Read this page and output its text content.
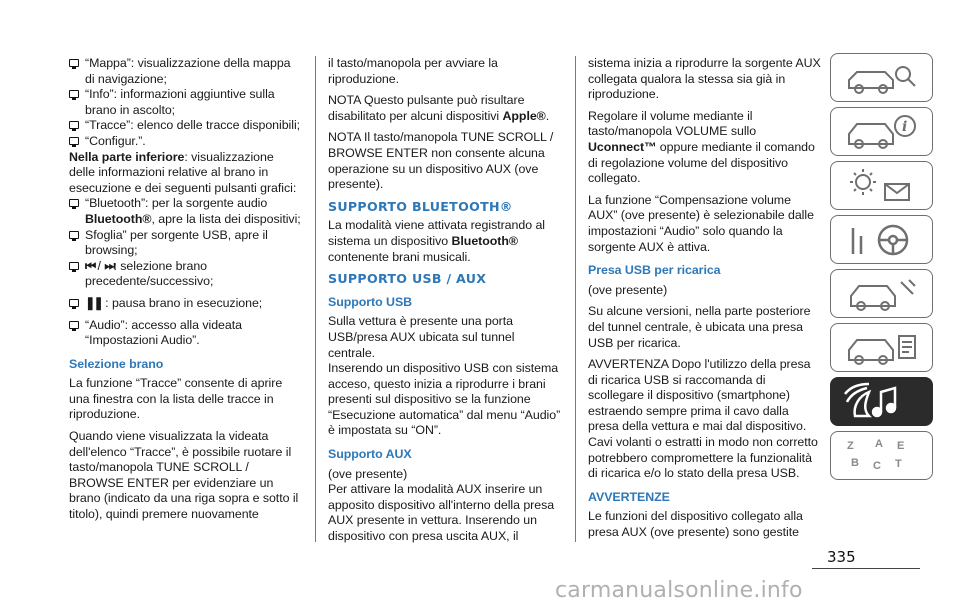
“Mappa”: visualizzazione della mappa di navigazione;
“Info”: informazioni aggiuntive sulla brano in ascolto;
“Tracce”: elenco delle tracce disponibili;
“Configur.”.
Nella parte inferiore: visualizzazione delle informazioni relative al brano in esecuzione e dei seguenti pulsanti grafici:
“Bluetooth”: per la sorgente audio Bluetooth®, apre la lista dei dispositivi;
Sfoglia” per sorgente USB, apre il browsing;
⏮ / ⏭: selezione brano precedente/successivo;
❚❚ : pausa brano in esecuzione;
“Audio”: accesso alla videata “Impostazioni Audio”.
Selezione brano

La funzione “Tracce” consente di aprire una finestra con la lista delle tracce in riproduzione.

Quando viene visualizzata la videata dell'elenco “Tracce”, è possibile ruotare il tasto/manopola TUNE SCROLL / BROWSE ENTER per evidenziare un brano (indicato da una riga sopra e sotto il titolo), quindi premere nuovamente

il tasto/manopola per avviare la riproduzione.

NOTA Questo pulsante può risultare disabilitato per alcuni dispositivi Apple®.

NOTA Il tasto/manopola TUNE SCROLL / BROWSE ENTER non consente alcuna operazione su un dispositivo AUX (ove presente).

SUPPORTO BLUETOOTH®

La modalità viene attivata registrando al sistema un dispositivo Bluetooth® contenente brani musicali.

SUPPORTO USB / AUX
Supporto USB
Sulla vettura è presente una porta USB/presa AUX ubicata sul tunnel centrale.

Inserendo un dispositivo USB con sistema acceso, questo inizia a riprodurre i brani presenti sul dispositivo se la funzione “Esecuzione automatica” dal menu “Audio” è impostata su “ON”.

Supporto AUX
(ove presente)

Per attivare la modalità AUX inserire un apposito dispositivo all'interno della presa AUX presente in vettura. Inserendo un dispositivo con presa uscita AUX, il

sistema inizia a riprodurre la sorgente AUX collegata qualora la stessa sia già in riproduzione.

Regolare il volume mediante il tasto/manopola VOLUME sullo Uconnect™ oppure mediante il comando di regolazione volume del dispositivo collegato.

La funzione “Compensazione volume AUX” (ove presente) è selezionabile dalle impostazioni “Audio” solo quando la sorgente AUX è attiva.

Presa USB per ricarica

(ove presente)

Su alcune versioni, nella parte posteriore del tunnel centrale, è ubicata una presa USB per ricarica.

AVVERTENZA Dopo l'utilizzo della presa di ricarica USB si raccomanda di scollegare il dispositivo (smartphone) estraendo sempre prima il cavo dalla presa della vettura e mai dal dispositivo. Cavi volanti o estratti in modo non corretto potrebbero compromettere la funzionalità di ricarica e/o lo stato della presa USB.

AVVERTENZE

Le funzioni del dispositivo collegato alla presa AUX (ove presente) sono gestite

i
Z A E
B C T
335
carmanualsonline.info
